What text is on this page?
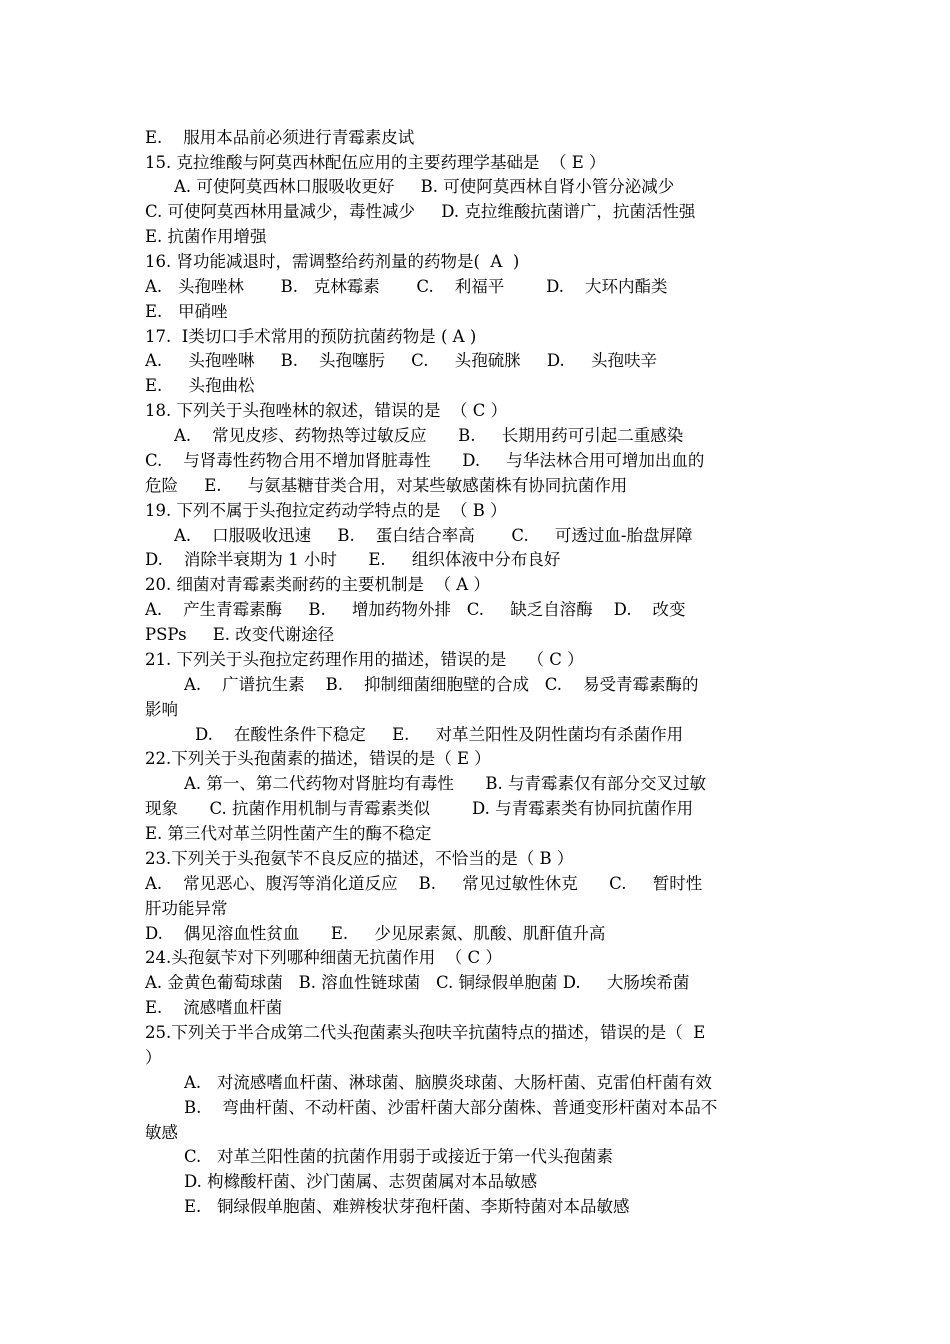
E.    服用本品前必须进行青霉素皮试
15. 克拉维酸与阿莫西林配伍应用的主要药理学基础是  （ E ）
A. 可使阿莫西林口服吸收更好     B. 可使阿莫西林自肾小管分泌减少
C. 可使阿莫西林用量减少，毒性减少     D. 克拉维酸抗菌谱广，抗菌活性强
E. 抗菌作用增强
16. 肾功能减退时，需调整给药剂量的药物是(  A  )
A.   头孢唑林       B.   克林霉素       C.    利福平        D.    大环内酯类
E.   甲硝唑
17.  I类切口手术常用的预防抗菌药物是 ( A )
A.     头孢唑啉     B.    头孢噻肟     C.     头孢硫脒     D.     头孢呋辛
E.     头孢曲松
18. 下列关于头孢唑林的叙述，错误的是  （ C ）
A.    常见皮疹、药物热等过敏反应      B.     长期用药可引起二重感染
C.    与肾毒性药物合用不增加肾脏毒性      D.     与华法林合用可增加出血的
危险     E.     与氨基糖苷类合用，对某些敏感菌株有协同抗菌作用
19. 下列不属于头孢拉定药动学特点的是  （ B ）
A.    口服吸收迅速     B.    蛋白结合率高       C.     可透过血-胎盘屏障
D.    消除半衰期为 1 小时      E.     组织体液中分布良好
20. 细菌对青霉素类耐药的主要机制是  （ A ）
A.    产生青霉素酶     B.     增加药物外排   C.     缺乏自溶酶    D.    改变
PSPs     E. 改变代谢途径
21. 下列关于头孢拉定药理作用的描述，错误的是    （ C ）
A.    广谱抗生素    B.    抑制细菌细胞壁的合成   C.    易受青霉素酶的
影响
D.    在酸性条件下稳定     E.     对革兰阳性及阴性菌均有杀菌作用
22.下列关于头孢菌素的描述，错误的是（ E ）
A. 第一、第二代药物对肾脏均有毒性      B. 与青霉素仅有部分交叉过敏
现象      C. 抗菌作用机制与青霉素类似        D. 与青霉素类有协同抗菌作用
E. 第三代对革兰阴性菌产生的酶不稳定
23.下列关于头孢氨苄不良反应的描述，不恰当的是（ B ）
A.    常见恶心、腹泻等消化道反应    B.     常见过敏性休克      C.     暂时性
肝功能异常
D.    偶见溶血性贫血      E.     少见尿素氮、肌酸、肌酐值升高
24.头孢氨苄对下列哪种细菌无抗菌作用  （ C ）
A. 金黄色葡萄球菌   B. 溶血性链球菌   C. 铜绿假单胞菌 D.     大肠埃希菌
E.    流感嗜血杆菌
25.下列关于半合成第二代头孢菌素头孢呋辛抗菌特点的描述，错误的是（  E
）
A.   对流感嗜血杆菌、淋球菌、脑膜炎球菌、大肠杆菌、克雷伯杆菌有效
B.    弯曲杆菌、不动杆菌、沙雷杆菌大部分菌株、普通变形杆菌对本品不
敏感
C.   对革兰阳性菌的抗菌作用弱于或接近于第一代头孢菌素
D. 枸橼酸杆菌、沙门菌属、志贺菌属对本品敏感
E.   铜绿假单胞菌、难辨梭状芽孢杆菌、李斯特菌对本品敏感
